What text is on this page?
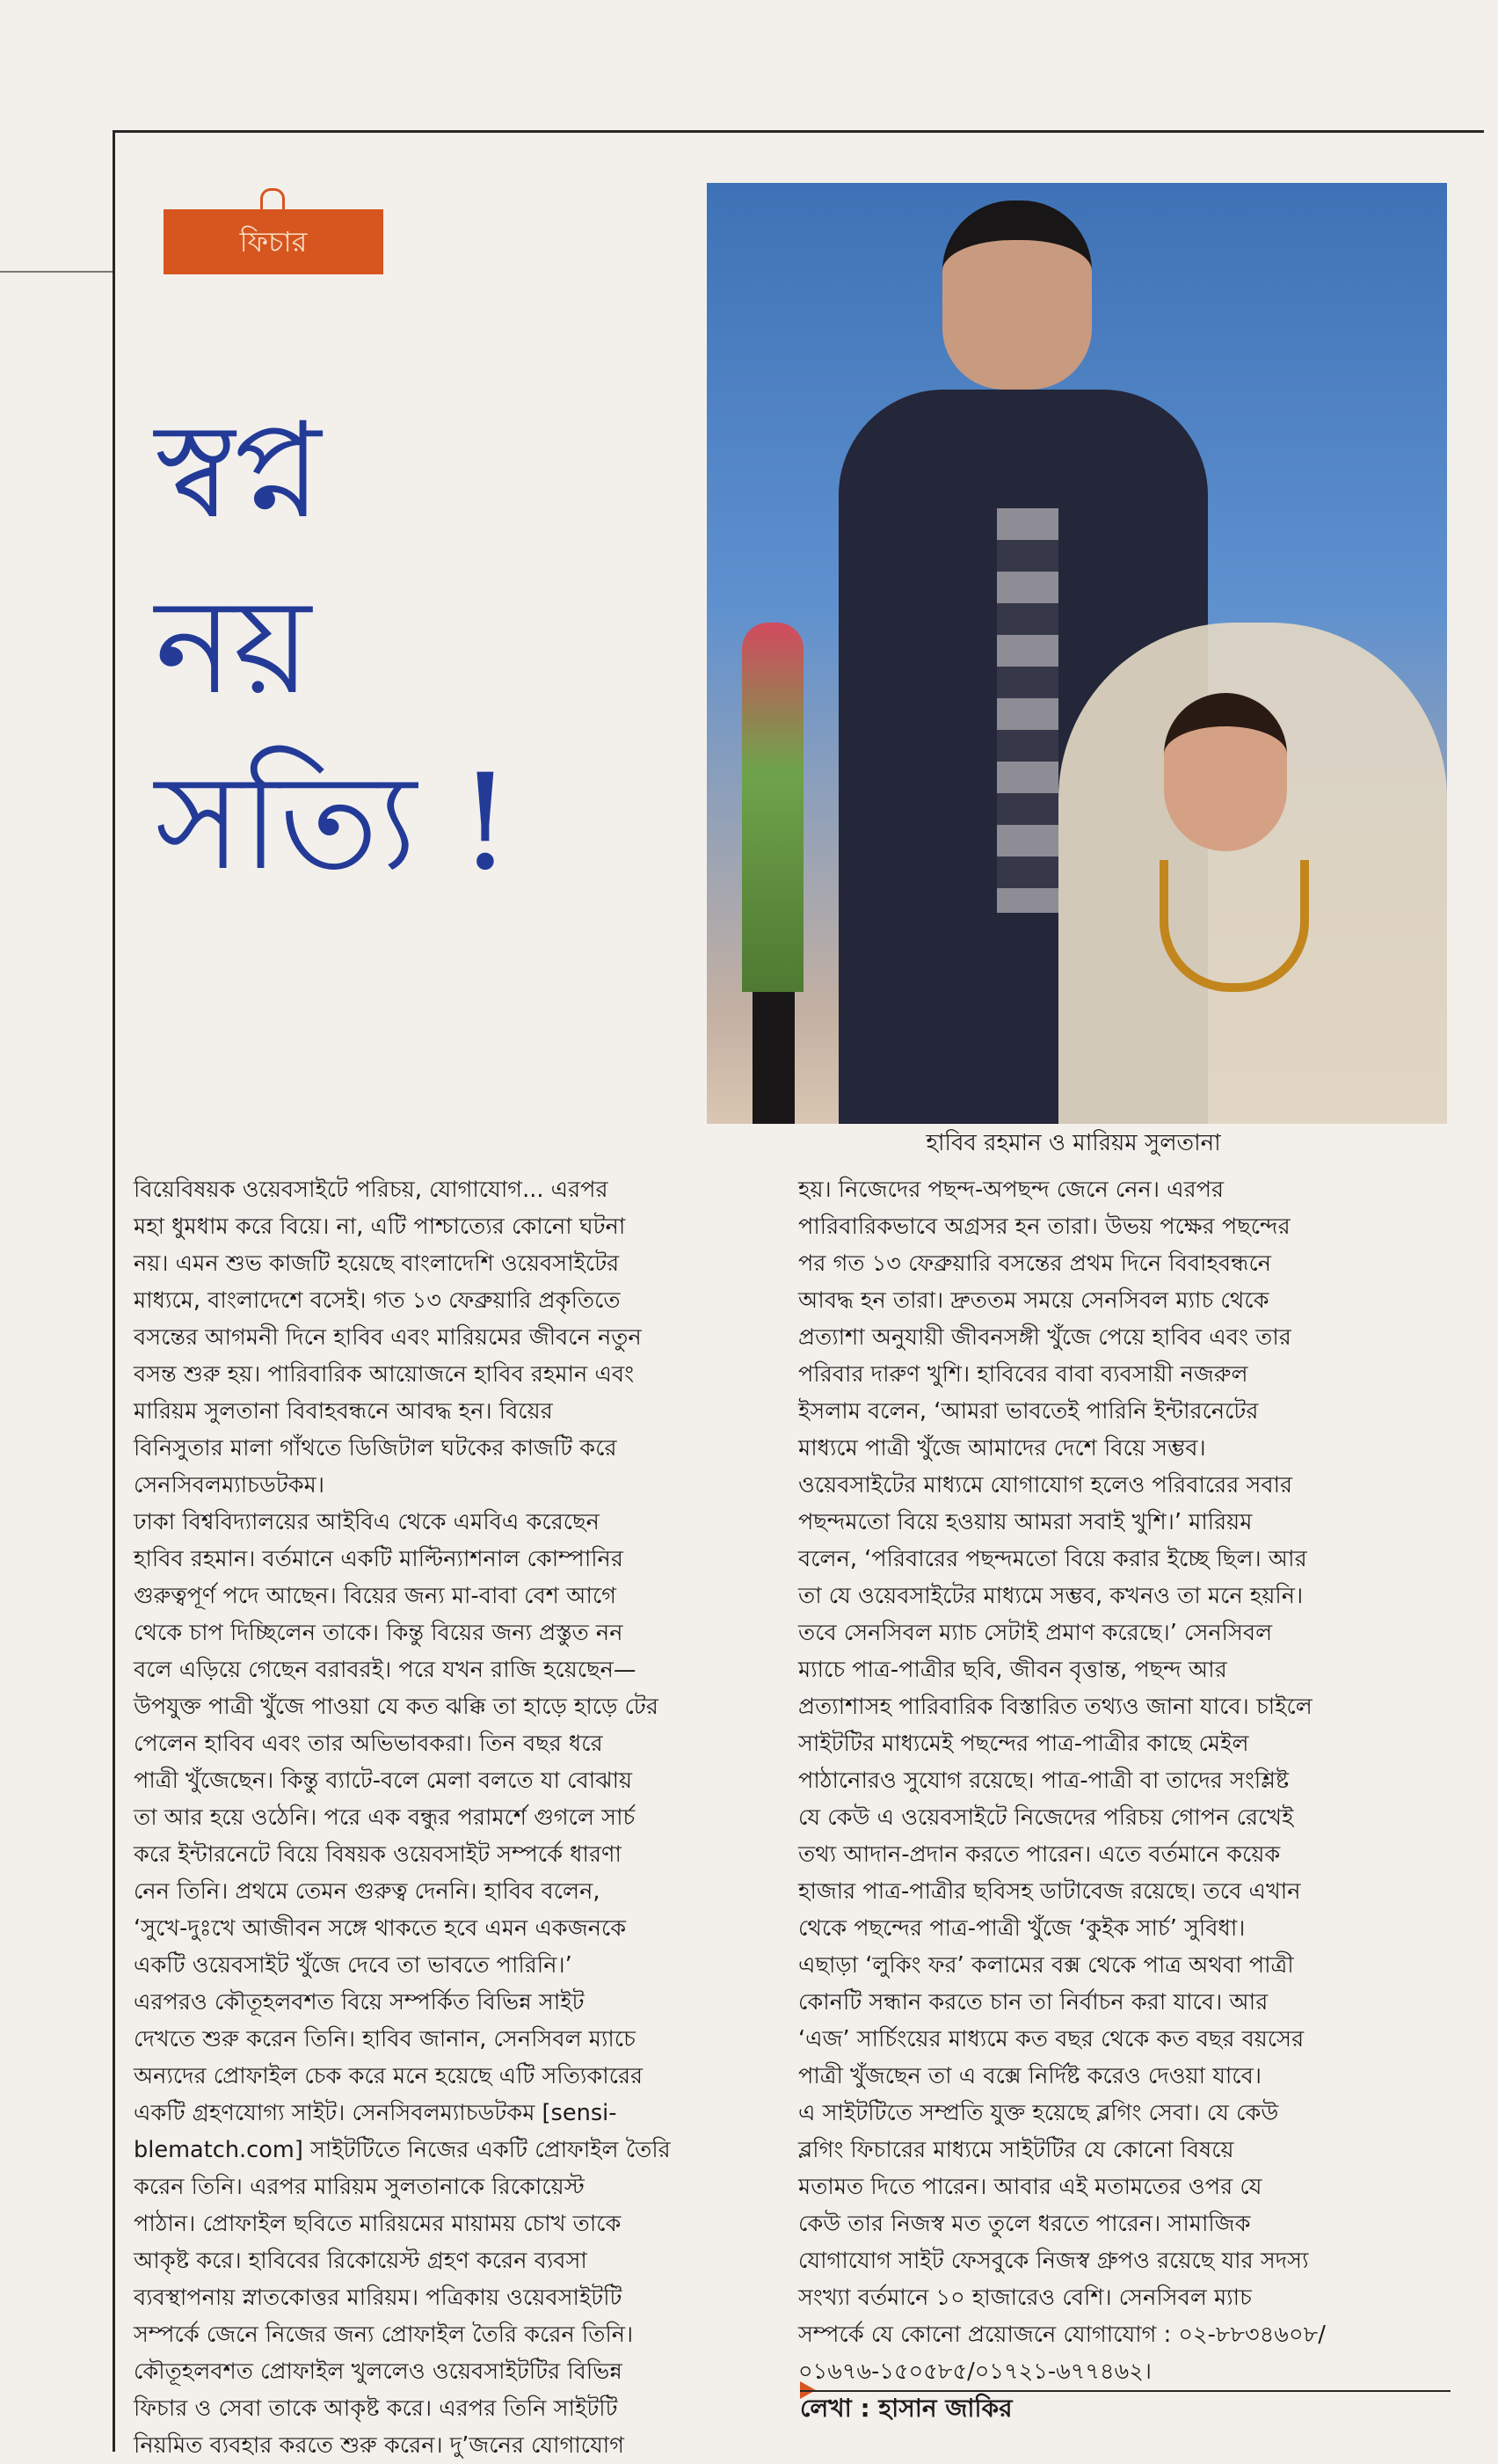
ফিচার
স্বপ্ন
নয়
সত্যি !
হাবিব রহমান ও মারিয়ম সুলতানা
বিয়েবিষয়ক ওয়েবসাইটে পরিচয়, যোগাযোগ... এরপর
মহা ধুমধাম করে বিয়ে। না, এটি পাশ্চাত্যের কোনো ঘটনা
নয়। এমন শুভ কাজটি হয়েছে বাংলাদেশি ওয়েবসাইটের
মাধ্যমে, বাংলাদেশে বসেই। গত ১৩ ফেব্রুয়ারি প্রকৃতিতে
বসন্তের আগমনী দিনে হাবিব এবং মারিয়মের জীবনে নতুন
বসন্ত শুরু হয়। পারিবারিক আয়োজনে হাবিব রহমান এবং
মারিয়ম সুলতানা বিবাহবন্ধনে আবদ্ধ হন। বিয়ের
বিনিসুতার মালা গাঁথতে ডিজিটাল ঘটকের কাজটি করে
সেনসিবলম্যাচডটকম।
ঢাকা বিশ্ববিদ্যালয়ের আইবিএ থেকে এমবিএ করেছেন
হাবিব রহমান। বর্তমানে একটি মাল্টিন্যাশনাল কোম্পানির
গুরুত্বপূর্ণ পদে আছেন। বিয়ের জন্য মা-বাবা বেশ আগে
থেকে চাপ দিচ্ছিলেন তাকে। কিন্তু বিয়ের জন্য প্রস্তুত নন
বলে এড়িয়ে গেছেন বরাবরই। পরে যখন রাজি হয়েছেন—
উপযুক্ত পাত্রী খুঁজে পাওয়া যে কত ঝক্কি তা হাড়ে হাড়ে টের
পেলেন হাবিব এবং তার অভিভাবকরা। তিন বছর ধরে
পাত্রী খুঁজেছেন। কিন্তু ব্যাটে-বলে মেলা বলতে যা বোঝায়
তা আর হয়ে ওঠেনি। পরে এক বন্ধুর পরামর্শে গুগলে সার্চ
করে ইন্টারনেটে বিয়ে বিষয়ক ওয়েবসাইট সম্পর্কে ধারণা
নেন তিনি। প্রথমে তেমন গুরুত্ব দেননি। হাবিব বলেন,
‘সুখে-দুঃখে আজীবন সঙ্গে থাকতে হবে এমন একজনকে
একটি ওয়েবসাইট খুঁজে দেবে তা ভাবতে পারিনি।’
এরপরও কৌতূহলবশত বিয়ে সম্পর্কিত বিভিন্ন সাইট
দেখতে শুরু করেন তিনি। হাবিব জানান, সেনসিবল ম্যাচে
অন্যদের প্রোফাইল চেক করে মনে হয়েছে এটি সত্যিকারের
একটি গ্রহণযোগ্য সাইট। সেনসিবলম্যাচডটকম [sensi-
blematch.com] সাইটটিতে নিজের একটি প্রোফাইল তৈরি
করেন তিনি। এরপর মারিয়ম সুলতানাকে রিকোয়েস্ট
পাঠান। প্রোফাইল ছবিতে মারিয়মের মায়াময় চোখ তাকে
আকৃষ্ট করে। হাবিবের রিকোয়েস্ট গ্রহণ করেন ব্যবসা
ব্যবস্থাপনায় স্নাতকোত্তর মারিয়ম। পত্রিকায় ওয়েবসাইটটি
সম্পর্কে জেনে নিজের জন্য প্রোফাইল তৈরি করেন তিনি।
কৌতূহলবশত প্রোফাইল খুললেও ওয়েবসাইটটির বিভিন্ন
ফিচার ও সেবা তাকে আকৃষ্ট করে। এরপর তিনি সাইটটি
নিয়মিত ব্যবহার করতে শুরু করেন। দু’জনের যোগাযোগ
হয়। নিজেদের পছন্দ-অপছন্দ জেনে নেন। এরপর
পারিবারিকভাবে অগ্রসর হন তারা। উভয় পক্ষের পছন্দের
পর গত ১৩ ফেব্রুয়ারি বসন্তের প্রথম দিনে বিবাহবন্ধনে
আবদ্ধ হন তারা। দ্রুততম সময়ে সেনসিবল ম্যাচ থেকে
প্রত্যাশা অনুযায়ী জীবনসঙ্গী খুঁজে পেয়ে হাবিব এবং তার
পরিবার দারুণ খুশি। হাবিবের বাবা ব্যবসায়ী নজরুল
ইসলাম বলেন, ‘আমরা ভাবতেই পারিনি ইন্টারনেটের
মাধ্যমে পাত্রী খুঁজে আমাদের দেশে বিয়ে সম্ভব।
ওয়েবসাইটের মাধ্যমে যোগাযোগ হলেও পরিবারের সবার
পছন্দমতো বিয়ে হওয়ায় আমরা সবাই খুশি।’ মারিয়ম
বলেন, ‘পরিবারের পছন্দমতো বিয়ে করার ইচ্ছে ছিল। আর
তা যে ওয়েবসাইটের মাধ্যমে সম্ভব, কখনও তা মনে হয়নি।
তবে সেনসিবল ম্যাচ সেটাই প্রমাণ করেছে।’ সেনসিবল
ম্যাচে পাত্র-পাত্রীর ছবি, জীবন বৃত্তান্ত, পছন্দ আর
প্রত্যাশাসহ পারিবারিক বিস্তারিত তথ্যও জানা যাবে। চাইলে
সাইটটির মাধ্যমেই পছন্দের পাত্র-পাত্রীর কাছে মেইল
পাঠানোরও সুযোগ রয়েছে। পাত্র-পাত্রী বা তাদের সংশ্লিষ্ট
যে কেউ এ ওয়েবসাইটে নিজেদের পরিচয় গোপন রেখেই
তথ্য আদান-প্রদান করতে পারেন। এতে বর্তমানে কয়েক
হাজার পাত্র-পাত্রীর ছবিসহ ডাটাবেজ রয়েছে। তবে এখান
থেকে পছন্দের পাত্র-পাত্রী খুঁজে ‘কুইক সার্চ’ সুবিধা।
এছাড়া ‘লুকিং ফর’ কলামের বক্স থেকে পাত্র অথবা পাত্রী
কোনটি সন্ধান করতে চান তা নির্বাচন করা যাবে। আর
‘এজ’ সার্চিংয়ের মাধ্যমে কত বছর থেকে কত বছর বয়সের
পাত্রী খুঁজছেন তা এ বক্সে নির্দিষ্ট করেও দেওয়া যাবে।
এ সাইটটিতে সম্প্রতি যুক্ত হয়েছে ব্লগিং সেবা। যে কেউ
ব্লগিং ফিচারের মাধ্যমে সাইটটির যে কোনো বিষয়ে
মতামত দিতে পারেন। আবার এই মতামতের ওপর যে
কেউ তার নিজস্ব মত তুলে ধরতে পারেন। সামাজিক
যোগাযোগ সাইট ফেসবুকে নিজস্ব গ্রুপও রয়েছে যার সদস্য
সংখ্যা বর্তমানে ১০ হাজারেও বেশি। সেনসিবল ম্যাচ
সম্পর্কে যে কোনো প্রয়োজনে যোগাযোগ : ০২-৮৮৩৪৬০৮/
০১৬৭৬-১৫০৫৮৫/০১৭২১-৬৭৭৪৬২।
লেখা : হাসান জাকির
